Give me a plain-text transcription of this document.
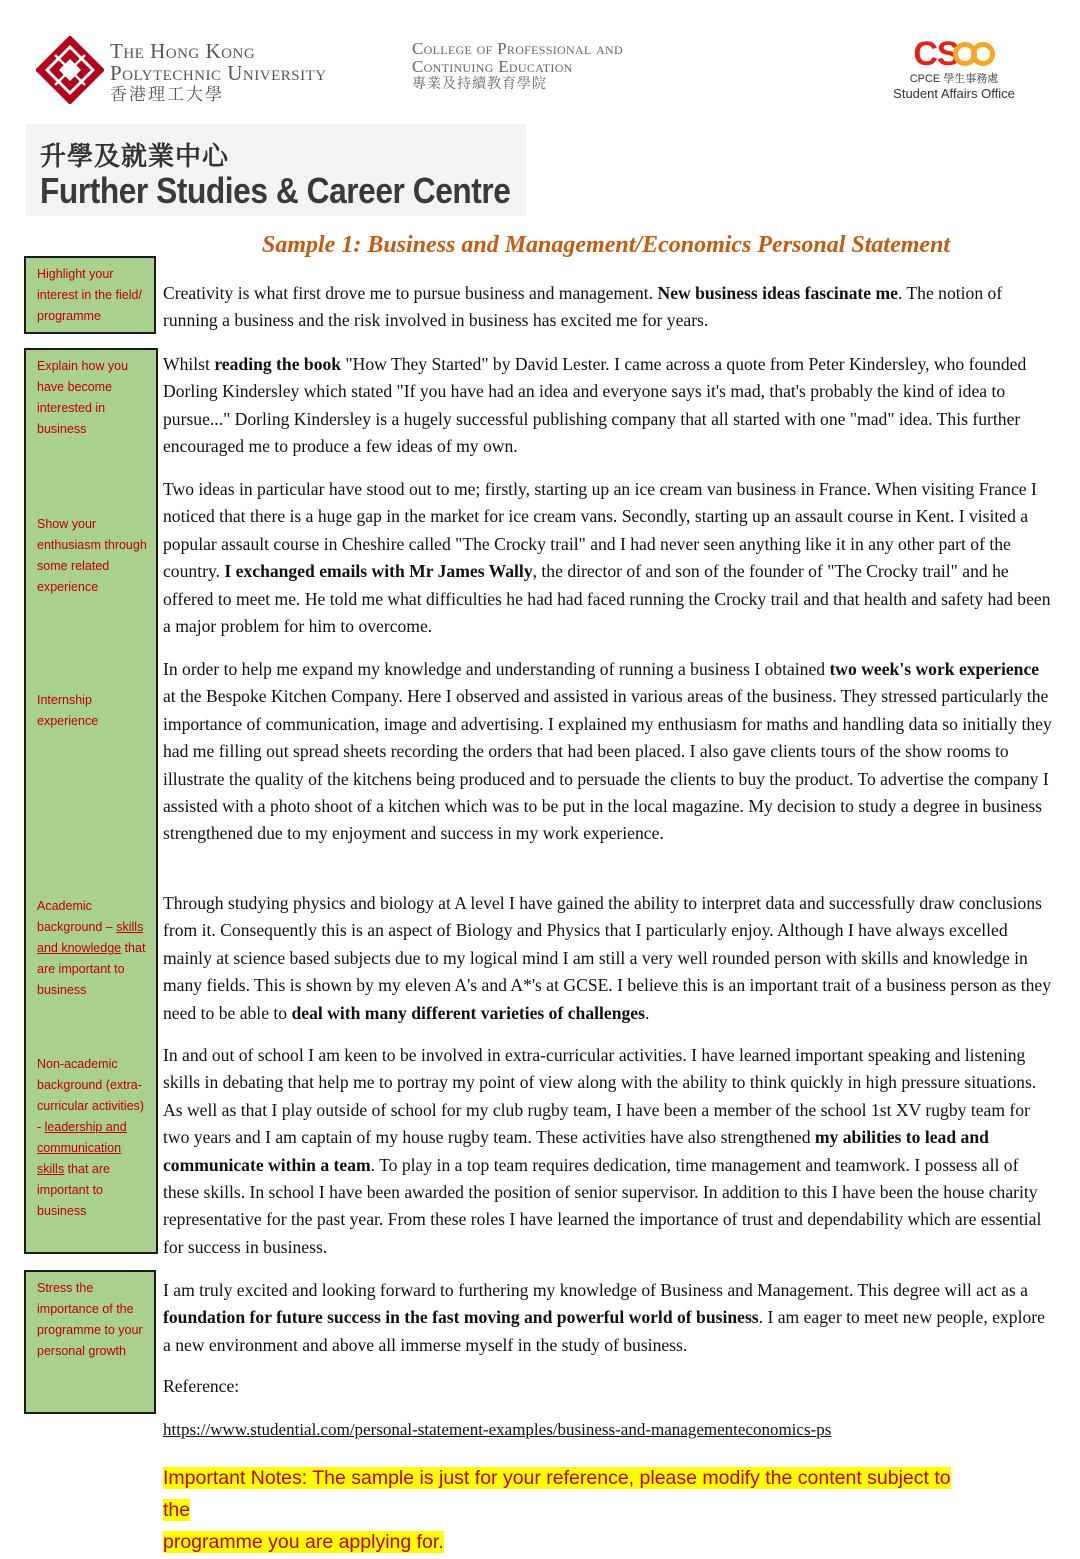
The Hong Kong
Polytechnic University
香港理工大學
College of Professional and
Continuing Education
專業及持續教育學院
CS
CPCE 學生事務處
Student Affairs Office
升學及就業中心
Further Studies & Career Centre
Sample 1: Business and Management/Economics Personal Statement
Highlight your interest in the field/ programme
Explain how you have become interested in business
Show your enthusiasm through some related experience
Internship experience
Academic background – skills and knowledge that are important to business
Non-academic background (extra-curricular activities) - leadership and communication skills that are important to business
Stress the importance of the programme to your personal growth
Creativity is what first drove me to pursue business and management. New business ideas fascinate me. The notion of running a business and the risk involved in business has excited me for years.
Whilst reading the book "How They Started" by David Lester. I came across a quote from Peter Kindersley, who founded Dorling Kindersley which stated "If you have had an idea and everyone says it's mad, that's probably the kind of idea to pursue..." Dorling Kindersley is a hugely successful publishing company that all started with one "mad" idea. This further encouraged me to produce a few ideas of my own.
Two ideas in particular have stood out to me; firstly, starting up an ice cream van business in France. When visiting France I noticed that there is a huge gap in the market for ice cream vans. Secondly, starting up an assault course in Kent. I visited a popular assault course in Cheshire called "The Crocky trail" and I had never seen anything like it in any other part of the country. I exchanged emails with Mr James Wally, the director of and son of the founder of "The Crocky trail" and he offered to meet me. He told me what difficulties he had had faced running the Crocky trail and that health and safety had been a major problem for him to overcome.
In order to help me expand my knowledge and understanding of running a business I obtained two week's work experience at the Bespoke Kitchen Company. Here I observed and assisted in various areas of the business. They stressed particularly the importance of communication, image and advertising. I explained my enthusiasm for maths and handling data so initially they had me filling out spread sheets recording the orders that had been placed. I also gave clients tours of the show rooms to illustrate the quality of the kitchens being produced and to persuade the clients to buy the product. To advertise the company I assisted with a photo shoot of a kitchen which was to be put in the local magazine. My decision to study a degree in business strengthened due to my enjoyment and success in my work experience.
Through studying physics and biology at A level I have gained the ability to interpret data and successfully draw conclusions from it. Consequently this is an aspect of Biology and Physics that I particularly enjoy. Although I have always excelled mainly at science based subjects due to my logical mind I am still a very well rounded person with skills and knowledge in many fields. This is shown by my eleven A's and A*'s at GCSE. I believe this is an important trait of a business person as they need to be able to deal with many different varieties of challenges.
In and out of school I am keen to be involved in extra-curricular activities. I have learned important speaking and listening skills in debating that help me to portray my point of view along with the ability to think quickly in high pressure situations. As well as that I play outside of school for my club rugby team, I have been a member of the school 1st XV rugby team for two years and I am captain of my house rugby team. These activities have also strengthened my abilities to lead and communicate within a team. To play in a top team requires dedication, time management and teamwork. I possess all of these skills. In school I have been awarded the position of senior supervisor. In addition to this I have been the house charity representative for the past year. From these roles I have learned the importance of trust and dependability which are essential for success in business.
I am truly excited and looking forward to furthering my knowledge of Business and Management. This degree will act as a foundation for future success in the fast moving and powerful world of business. I am eager to meet new people, explore a new environment and above all immerse myself in the study of business.
Reference:
https://www.studential.com/personal-statement-examples/business-and-managementeconomics-ps
Important Notes: The sample is just for your reference, please modify the content subject to the
programme you are applying for.
